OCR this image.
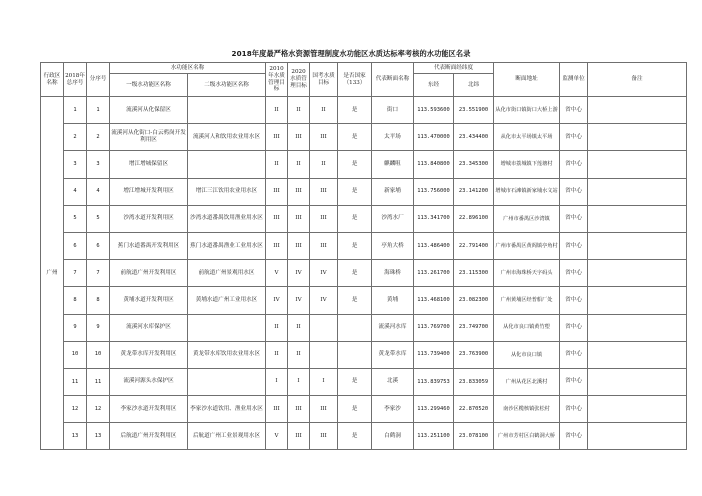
2018年度最严格水资源管理制度水功能区水质达标率考核的水功能区名录
行政区名称	2018年总序号	分序号	水功能区名称		2010年水质管理目标	2020水质管理目标	国考水质目标	是否国家（133）	代表断面名称	代表断面经纬度		断面地址	监测单位	备注
			一级水功能区名称	二级水功能区名称						东经	北纬			
广州	1	1	流溪河从化保留区		II	II	II	是	街口	113.593600	23.551900	从化市街口镇街口大桥上游	省中心	
	2	2	流溪河从化街口-白云鸦岗开发利用区	流溪河人和饮用农业用水区	III	III	III	是	太平场	113.470000	23.434400	从化市太平场镇太平场	省中心	
	3	3	增江增城保留区		II	II	II	是	麒麟咀	113.840800	23.345300	增城市荔城镇下莲塘村	省中心	
	4	4	增江增城开发利用区	增江三江饮用农业用水区	III	III	III	是	新家埔	113.756000	23.141200	增城市石滩镇新家埔水文站	省中心	
	5	5	沙湾水道开发利用区	沙湾水道番禺饮用渔业用水区	III	III	III	是	沙湾水厂	113.341700	22.896100	广州市番禺区沙湾镇	省中心	
	6	6	蕉门水道番禺开发利用区	蕉门水道番禺渔业工业用水区	III	III	III	是	亭角大桥	113.486400	22.791400	广州市番禺区黄阁镇亭角村	省中心	
	7	7	前航道广州开发利用区	前航道广州景观用水区	V	IV	IV	是	海珠桥	113.261700	23.115300	广州市海珠桥天字码头	省中心	
	8	8	黄埔水道开发利用区	黄埔水道广州工业用水区	IV	IV	IV	是	黄埔	113.468100	23.082300	广州黄埔区经普船厂处	省中心	
	9	9	流溪河水库保护区		II	II			流溪河水库	113.769700	23.749700	从化市良口镇黄竹塱	省中心	
	10	10	黄龙带水库开发利用区	黄龙带水库饮用农业用水区	II	II			黄龙带水库	113.739400	23.763900	从化市良口镇	省中心	
	11	11	流溪河源头水保护区		I	I	I	是	北溪	113.839753	23.833059	广州从花区北溪村	省中心	
	12	12	李家沙水道开发利用区	李家沙水道饮用、渔业用水区	III	III	III	是	李家沙	113.299460	22.870520	南沙区榄核镇张松村	省中心	
	13	13	后航道广州开发利用区	后航道广州工业景观用水区	V	III	III	是	白鹤洞	113.251100	23.078100	广州市芳村区白鹤洞大桥	省中心	
